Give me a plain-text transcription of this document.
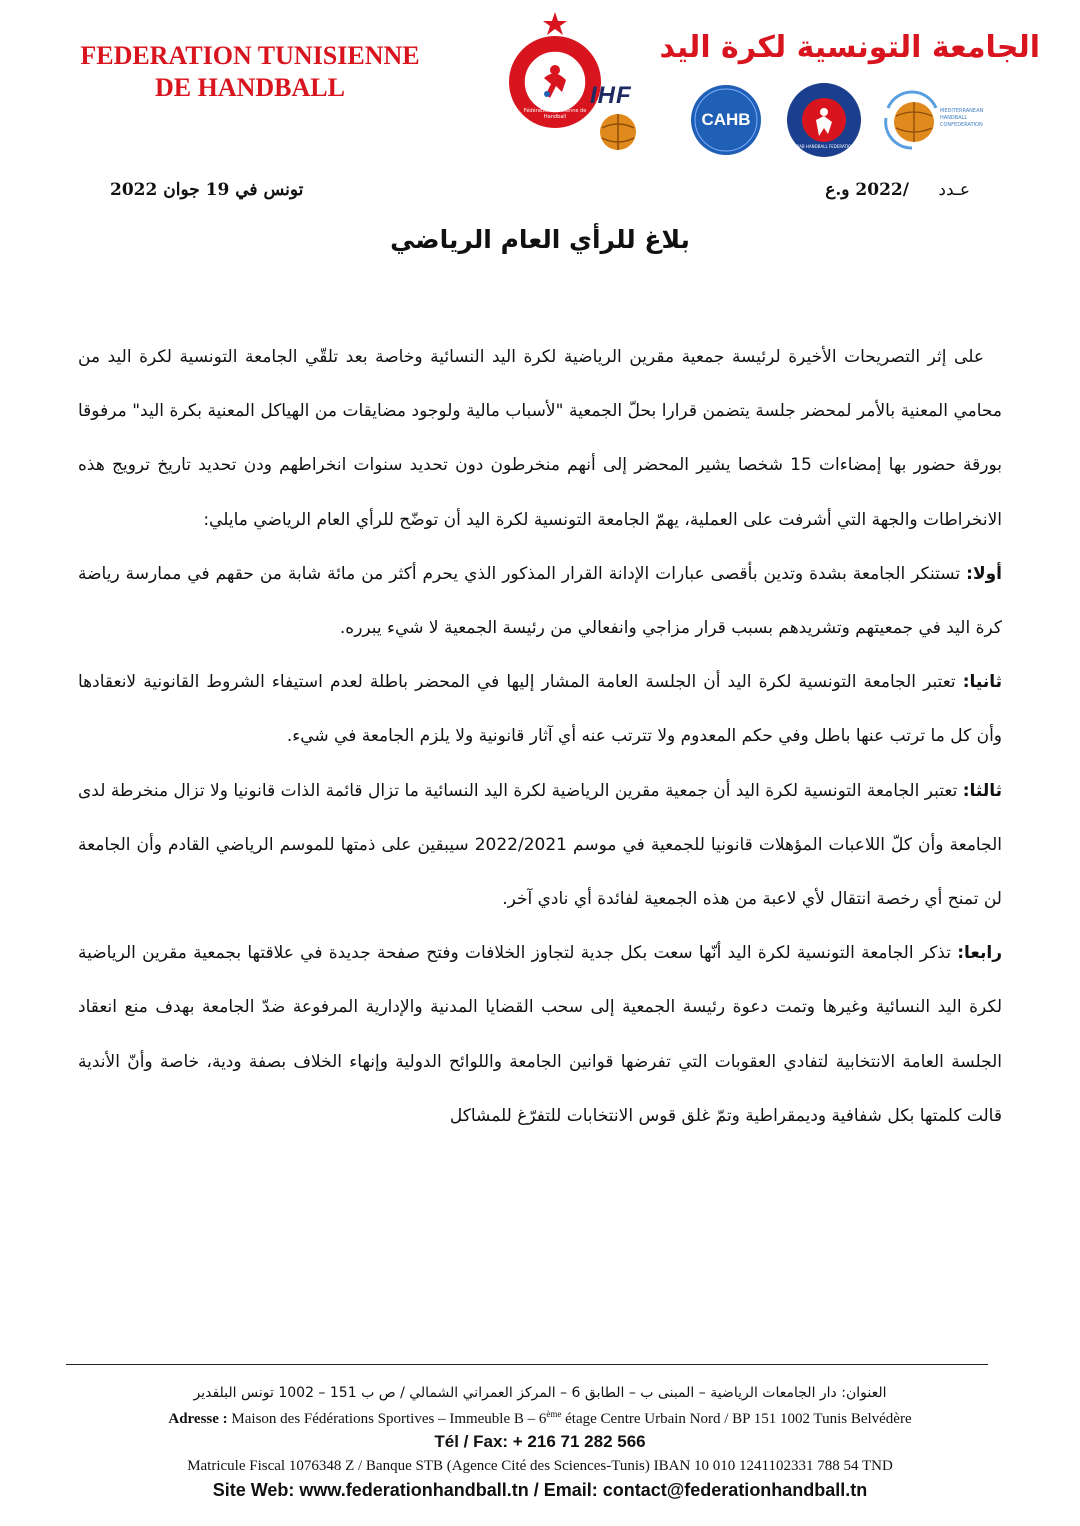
FEDERATION TUNISIENNE
DE HANDBALL
Fédération Tunisienne de Handball
الجامعة التونسية لكرة اليد
IHF
CAHB
ARAB HANDBALL FEDERATION
MEDITERRANEAN HANDBALL CONFEDERATION
تونس في 19 جوان 2022	عـدد /2022 و.ع
بلاغ للرأي العام الرياضي

على إثر التصريحات الأخيرة لرئيسة جمعية مقرين الرياضية لكرة اليد النسائية وخاصة بعد تلقّي الجامعة التونسية لكرة اليد من محامي المعنية بالأمر لمحضر جلسة يتضمن قرارا بحلّ الجمعية "لأسباب مالية ولوجود مضايقات من الهياكل المعنية بكرة اليد" مرفوقا بورقة حضور بها إمضاءات 15 شخصا يشير المحضر إلى أنهم منخرطون دون تحديد سنوات انخراطهم ودن تحديد تاريخ ترويج هذه الانخراطات والجهة التي أشرفت على العملية، يهمّ الجامعة التونسية لكرة اليد أن توضّح للرأي العام الرياضي مايلي:

أولا: تستنكر الجامعة بشدة وتدين بأقصى عبارات الإدانة القرار المذكور الذي يحرم أكثر من مائة شابة من حقهم في ممارسة رياضة كرة اليد في جمعيتهم وتشريدهم بسبب قرار مزاجي وانفعالي من رئيسة الجمعية لا شيء يبرره.

ثانيا: تعتبر الجامعة التونسية لكرة اليد أن الجلسة العامة المشار إليها في المحضر باطلة لعدم استيفاء الشروط القانونية لانعقادها وأن كل ما ترتب عنها باطل وفي حكم المعدوم ولا تترتب عنه أي آثار قانونية ولا يلزم الجامعة في شيء.

ثالثا: تعتبر الجامعة التونسية لكرة اليد أن جمعية مقرين الرياضية لكرة اليد النسائية ما تزال قائمة الذات قانونيا ولا تزال منخرطة لدى الجامعة وأن كلّ اللاعبات المؤهلات قانونيا للجمعية في موسم 2022/2021 سيبقين على ذمتها للموسم الرياضي القادم وأن الجامعة لن تمنح أي رخصة انتقال لأي لاعبة من هذه الجمعية لفائدة أي نادي آخر.

رابعا: تذكر الجامعة التونسية لكرة اليد أنّها سعت بكل جدية لتجاوز الخلافات وفتح صفحة جديدة في علاقتها بجمعية مقرين الرياضية لكرة اليد النسائية وغيرها وتمت دعوة رئيسة الجمعية إلى سحب القضايا المدنية والإدارية المرفوعة ضدّ الجامعة بهدف منع انعقاد الجلسة العامة الانتخابية لتفادي العقوبات التي تفرضها قوانين الجامعة واللوائح الدولية وإنهاء الخلاف بصفة ودية، خاصة وأنّ الأندية قالت كلمتها بكل شفافية وديمقراطية وتمّ غلق قوس الانتخابات للتفرّغ للمشاكل

العنوان: دار الجامعات الرياضية – المبنى ب – الطابق 6 – المركز العمراني الشمالي / ص ب 151 – 1002 تونس البلفدير
Adresse : Maison des Fédérations Sportives – Immeuble B – 6ème étage Centre Urbain Nord / BP 151 1002 Tunis Belvédère
Tél / Fax: + 216 71 282 566
Matricule Fiscal 1076348 Z / Banque STB (Agence Cité des Sciences-Tunis) IBAN 10 010 1241102331 788 54 TND
Site Web: www.federationhandball.tn / Email: contact@federationhandball.tn
